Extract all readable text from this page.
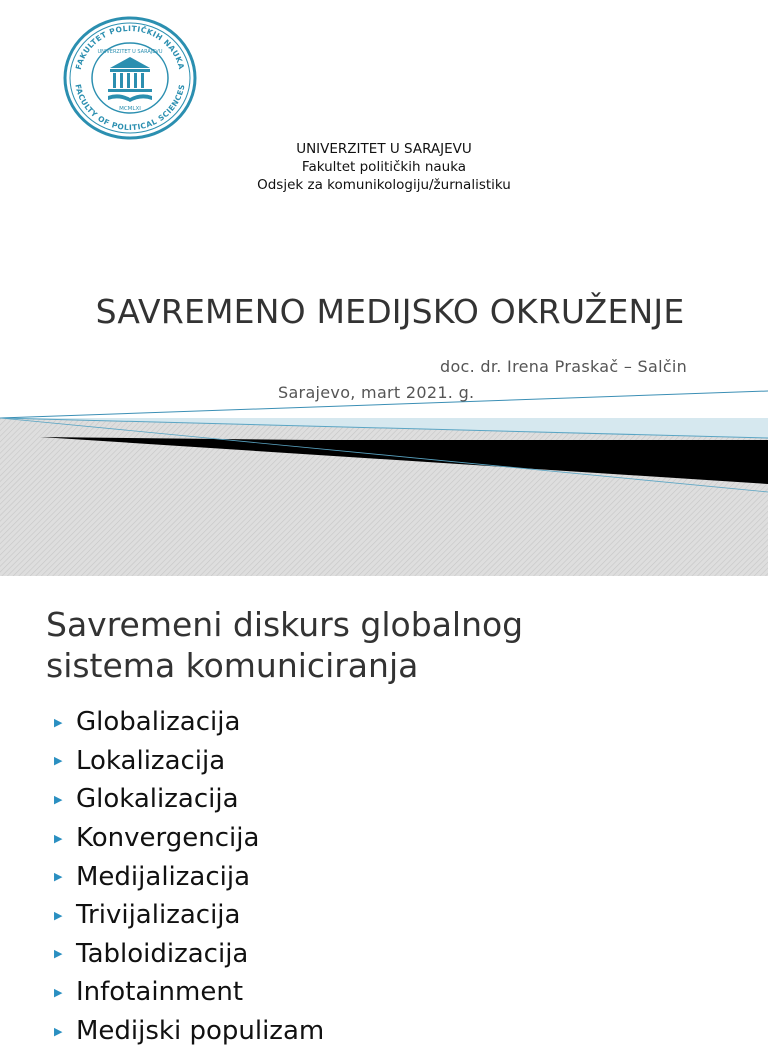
FAKULTET POLITIČKIH NAUKA
FACULTY OF POLITICAL SCIENCES
UNIVERZITET U SARAJEVU
MCMLXI
UNIVERZITET U SARAJEVU
Fakultet političkih nauka
Odsjek za komunikologiju/žurnalistiku
SAVREMENO MEDIJSKO OKRUŽENJE
doc. dr. Irena Praskač – Salčin
Sarajevo, mart 2021. g.
Savremeni diskurs globalnog
sistema komuniciranja
▶ Globalizacija
▶ Lokalizacija
▶ Glokalizacija
▶ Konvergencija
▶ Medijalizacija
▶ Trivijalizacija
▶ Tabloidizacija
▶ Infotainment
▶ Medijski populizam
